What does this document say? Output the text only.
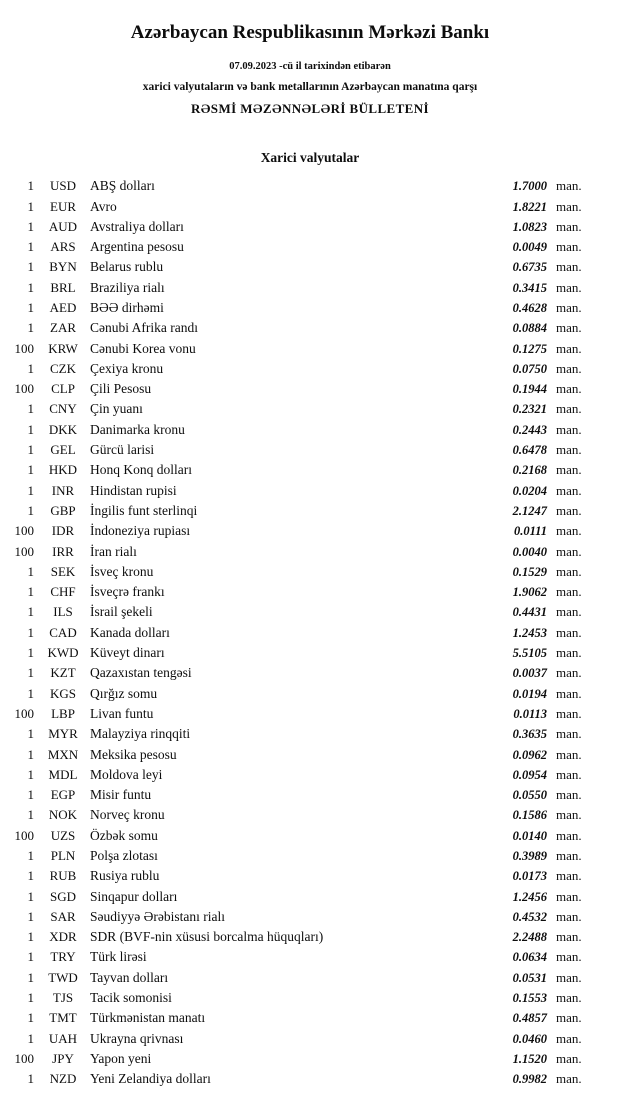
Azərbaycan Respublikasının Mərkəzi Bankı
07.09.2023 -cü il tarixindən etibarən
xarici valyutaların və bank metallarının Azərbaycan manatına qarşı
RƏSMİ MƏZƏNNƏLƏRİ BÜLLETENİ
Xarici valyutalar
1	USD	ABŞ dolları	1.7000 man.
1	EUR	Avro	1.8221 man.
1	AUD Avstraliya dolları	1.0823 man.
1	ARS	Argentina pesosu	0.0049 man.
1	BYN Belarus rublu	0.6735 man.
1	BRL	Braziliya rialı	0.3415 man.
1	AED	BƏƏ dirhəmi	0.4628 man.
1	ZAR	Cənubi Afrika randı	0.0884 man.
100	KRW Cənubi Korea vonu	0.1275 man.
1	CZK	Çexiya kronu	0.0750 man.
100	CLP	Çili Pesosu	0.1944 man.
1	CNY Çin yuanı	0.2321 man.
1	DKK Danimarka kronu	0.2443 man.
1	GEL	Gürcü larisi	0.6478 man.
1	HKD Honq Konq dolları	0.2168 man.
1	INR	Hindistan rupisi	0.0204 man.
1	GBP	İngilis funt sterlinqi	2.1247 man.
100	IDR	İndoneziya rupiası	0.0111 man.
100	IRR	İran rialı	0.0040 man.
1	SEK	İsveç kronu	0.1529 man.
1	CHF	İsveçrə frankı	1.9062 man.
1	ILS	İsrail şekeli	0.4431 man.
1	CAD Kanada dolları	1.2453 man.
1	KWD Küveyt dinarı	5.5105 man.
1	KZT	Qazaxıstan tengəsi	0.0037 man.
1	KGS	Qırğız somu	0.0194 man.
100	LBP	Livan funtu	0.0113 man.
1	MYR Malayziya rinqqiti	0.3635 man.
1	MXN Meksika pesosu	0.0962 man.
1	MDL Moldova leyi	0.0954 man.
1	EGP	Misir funtu	0.0550 man.
1	NOK Norveç kronu	0.1586 man.
100	UZS	Özbək somu	0.0140 man.
1	PLN	Polşa zlotası	0.3989 man.
1	RUB	Rusiya rublu	0.0173 man.
1	SGD	Sinqapur dolları	1.2456 man.
1	SAR	Səudiyyə Ərəbistanı rialı	0.4532 man.
1	XDR SDR (BVF-nin xüsusi borcalma hüquqları)	2.2488 man.
1	TRY	Türk lirəsi	0.0634 man.
1	TWD Tayvan dolları	0.0531 man.
1	TJS	Tacik somonisi	0.1553 man.
1	TMT Türkmənistan manatı	0.4857 man.
1	UAH Ukrayna qrivnası	0.0460 man.
100	JPY	Yapon yeni	1.1520 man.
1	NZD	Yeni Zelandiya dolları	0.9982 man.
